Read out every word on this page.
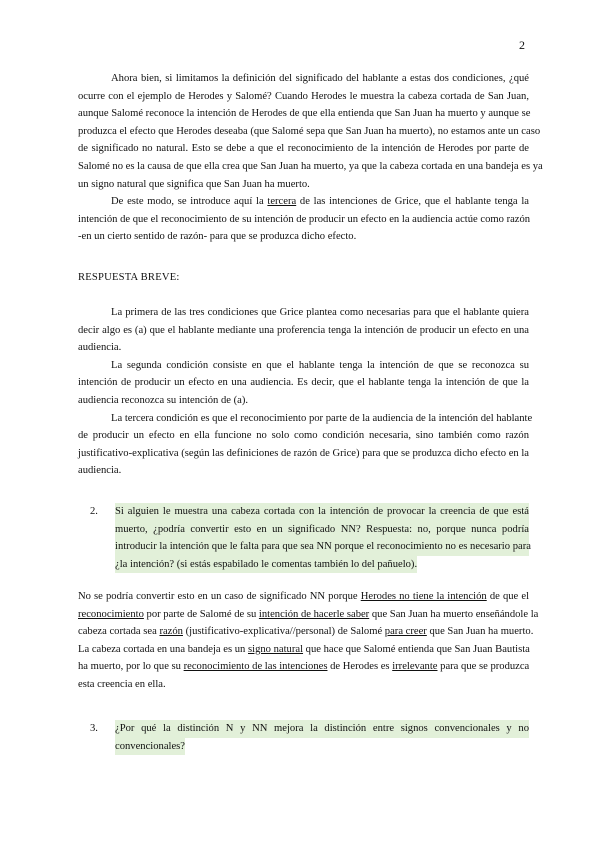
2
Ahora bien, si limitamos la definición del significado del hablante a estas dos condiciones, ¿qué
ocurre con el ejemplo de Herodes y Salomé? Cuando Herodes le muestra la cabeza cortada de San Juan,
aunque Salomé reconoce la intención de Herodes de que ella entienda que San Juan ha muerto y aunque se
produzca el efecto que Herodes deseaba (que Salomé sepa que San Juan ha muerto), no estamos ante un caso
de significado no natural. Esto se debe a que el reconocimiento de la intención de Herodes por parte de
Salomé no es la causa de que ella crea que San Juan ha muerto, ya que la cabeza cortada en una bandeja es ya
un signo natural que significa que San Juan ha muerto.
De este modo, se introduce aquí la tercera de las intenciones de Grice, que el hablante tenga la
intención de que el reconocimiento de su intención de producir un efecto en la audiencia actúe como razón
-en un cierto sentido de razón- para que se produzca dicho efecto.
RESPUESTA BREVE:
La primera de las tres condiciones que Grice plantea como necesarias para que el hablante quiera
decir algo es (a) que el hablante mediante una proferencia tenga la intención de producir un efecto en una
audiencia.
La segunda condición consiste en que el hablante tenga la intención de que se reconozca su
intención de producir un efecto en una audiencia. Es decir, que el hablante tenga la intención de que la
audiencia reconozca su intención de (a).
La tercera condición es que el reconocimiento por parte de la audiencia de la intención del hablante
de producir un efecto en ella funcione no solo como condición necesaria, sino también como razón
justificativo-explicativa (según las definiciones de razón de Grice) para que se produzca dicho efecto en la
audiencia.
2. Si alguien le muestra una cabeza cortada con la intención de provocar la creencia de que está
muerto, ¿podría convertir esto en un significado NN? Respuesta: no, porque nunca podría
introducir la intención que le falta para que sea NN porque el reconocimiento no es necesario para
¿la intención? (si estás espabilado le comentas también lo del pañuelo).
No se podría convertir esto en un caso de significado NN porque Herodes no tiene la intención de que el
reconocimiento por parte de Salomé de su intención de hacerle saber que San Juan ha muerto enseñándole la
cabeza cortada sea razón (justificativo-explicativa//personal) de Salomé para creer que San Juan ha muerto.
La cabeza cortada en una bandeja es un signo natural que hace que Salomé entienda que San Juan Bautista
ha muerto, por lo que su reconocimiento de las intenciones de Herodes es irrelevante para que se produzca
esta creencia en ella.
3. ¿Por qué la distinción N y NN mejora la distinción entre signos convencionales y no
convencionales?
